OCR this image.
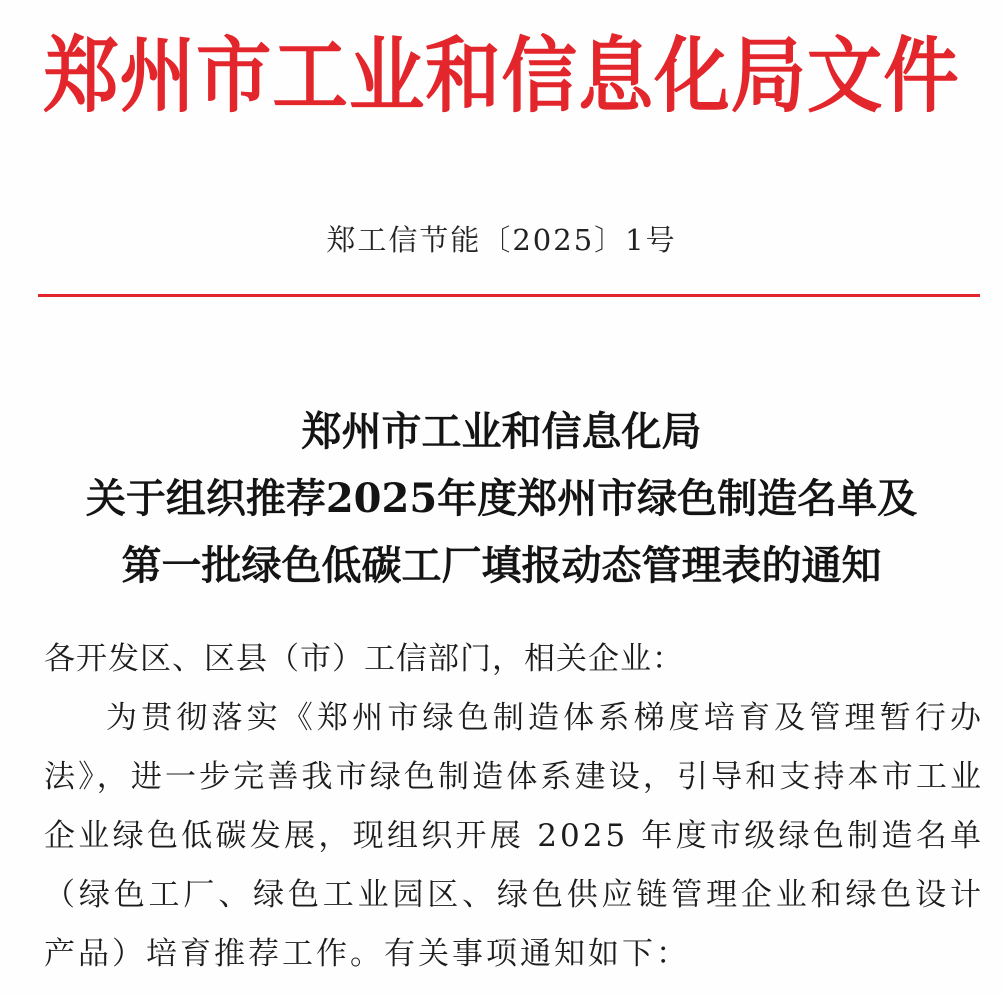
郑州市工业和信息化局文件
郑工信节能〔2025〕1号
郑州市工业和信息化局
关于组织推荐2025年度郑州市绿色制造名单及
第一批绿色低碳工厂填报动态管理表的通知
各开发区、区县（市）工信部门，相关企业：
为贯彻落实《郑州市绿色制造体系梯度培育及管理暂行办法》，进一步完善我市绿色制造体系建设，引导和支持本市工业企业绿色低碳发展，现组织开展 2025 年度市级绿色制造名单（绿色工厂、绿色工业园区、绿色供应链管理企业和绿色设计产品）培育推荐工作。有关事项通知如下：
